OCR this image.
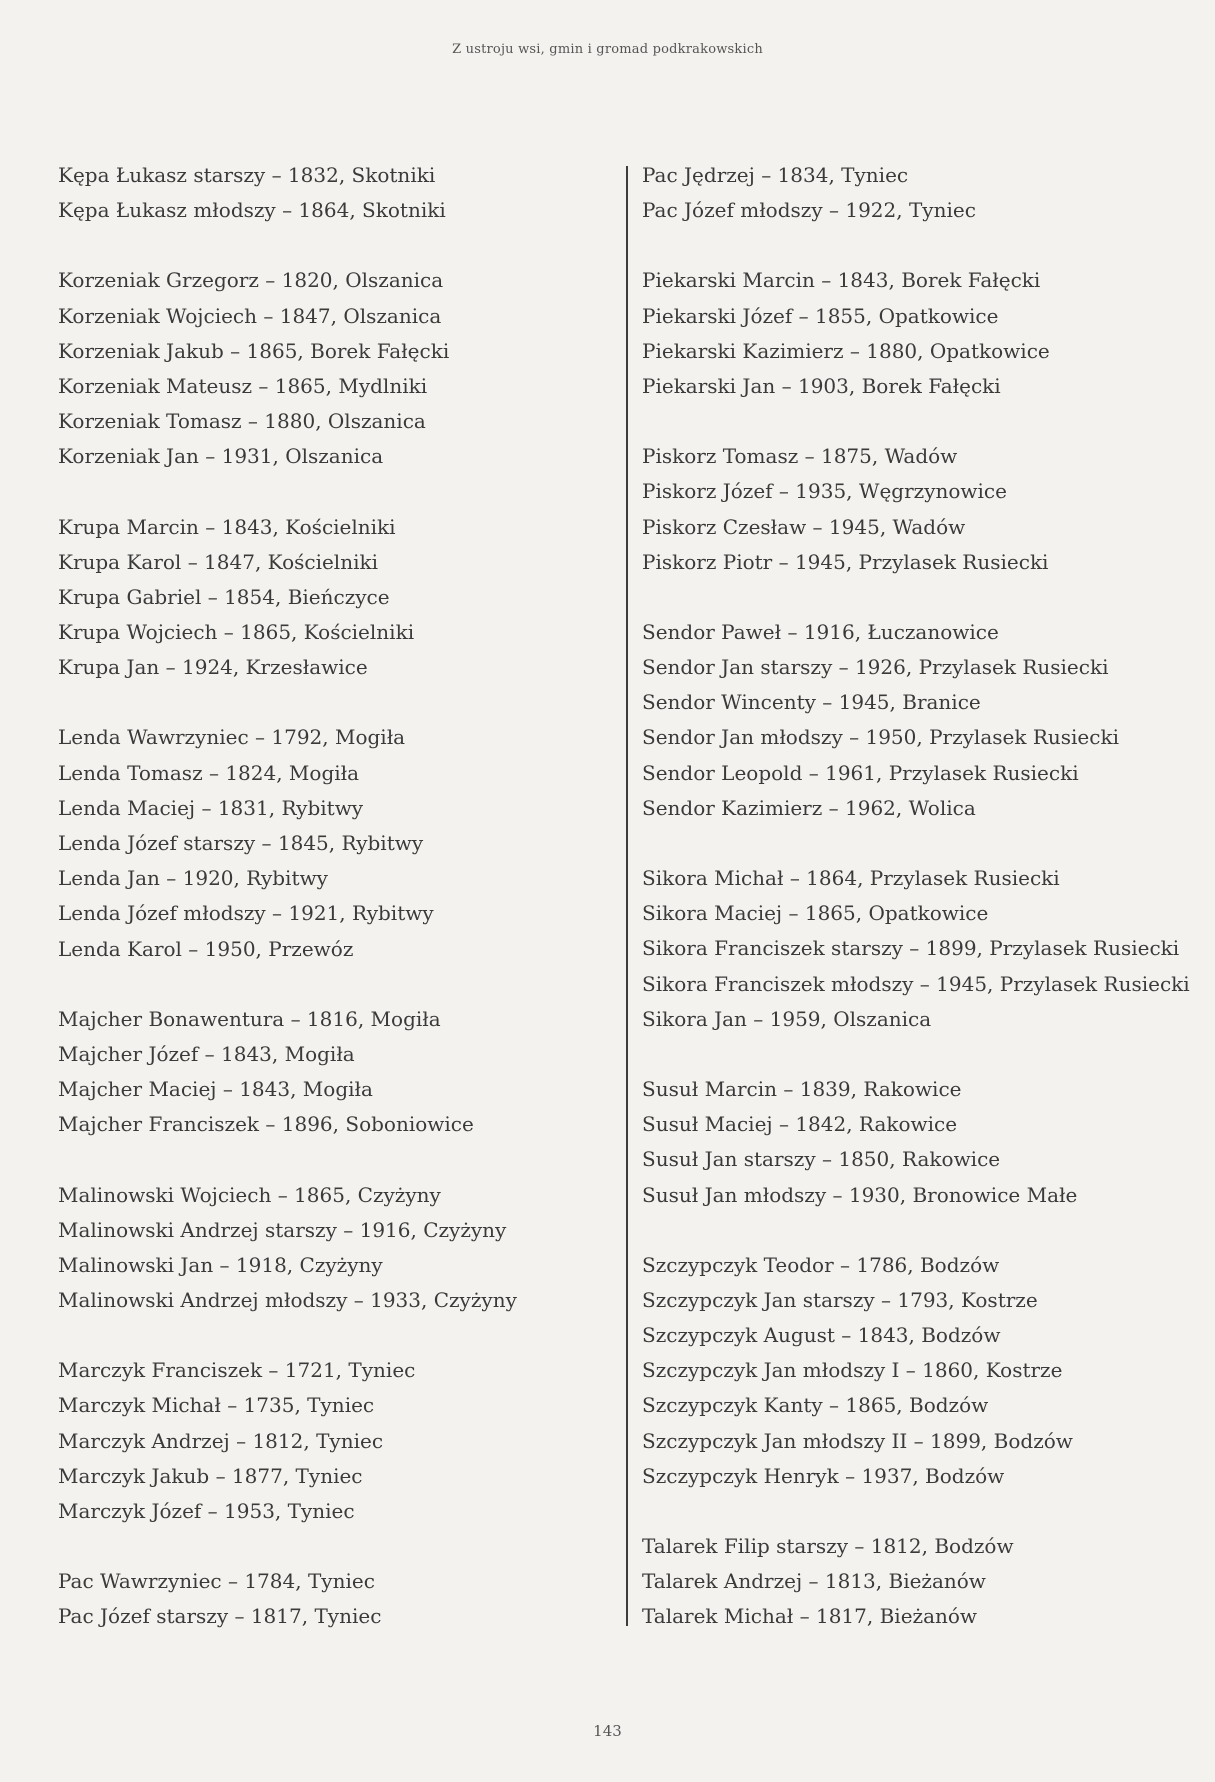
Z ustroju wsi, gmin i gromad podkrakowskich
Kępa Łukasz starszy – 1832, Skotniki
Kępa Łukasz młodszy – 1864, Skotniki
Korzeniak Grzegorz – 1820, Olszanica
Korzeniak Wojciech – 1847, Olszanica
Korzeniak Jakub – 1865, Borek Fałęcki
Korzeniak Mateusz – 1865, Mydlniki
Korzeniak Tomasz – 1880, Olszanica
Korzeniak Jan – 1931, Olszanica
Krupa Marcin – 1843, Kościelniki
Krupa Karol – 1847, Kościelniki
Krupa Gabriel – 1854, Bieńczyce
Krupa Wojciech – 1865, Kościelniki
Krupa Jan – 1924, Krzesławice
Lenda Wawrzyniec – 1792, Mogiła
Lenda Tomasz – 1824, Mogiła
Lenda Maciej – 1831, Rybitwy
Lenda Józef starszy – 1845, Rybitwy
Lenda Jan – 1920, Rybitwy
Lenda Józef młodszy – 1921, Rybitwy
Lenda Karol – 1950, Przewóz
Majcher Bonawentura – 1816, Mogiła
Majcher Józef – 1843, Mogiła
Majcher Maciej – 1843, Mogiła
Majcher Franciszek – 1896, Soboniowice
Malinowski Wojciech – 1865, Czyżyny
Malinowski Andrzej starszy – 1916, Czyżyny
Malinowski Jan – 1918, Czyżyny
Malinowski Andrzej młodszy – 1933, Czyżyny
Marczyk Franciszek – 1721, Tyniec
Marczyk Michał – 1735, Tyniec
Marczyk Andrzej – 1812, Tyniec
Marczyk Jakub – 1877, Tyniec
Marczyk Józef – 1953, Tyniec
Pac Wawrzyniec – 1784, Tyniec
Pac Józef starszy – 1817, Tyniec
Pac Jędrzej – 1834, Tyniec
Pac Józef młodszy – 1922, Tyniec
Piekarski Marcin – 1843, Borek Fałęcki
Piekarski Józef – 1855, Opatkowice
Piekarski Kazimierz – 1880, Opatkowice
Piekarski Jan – 1903, Borek Fałęcki
Piskorz Tomasz – 1875, Wadów
Piskorz Józef – 1935, Węgrzynowice
Piskorz Czesław – 1945, Wadów
Piskorz Piotr – 1945, Przylasek Rusiecki
Sendor Paweł – 1916, Łuczanowice
Sendor Jan starszy – 1926, Przylasek Rusiecki
Sendor Wincenty – 1945, Branice
Sendor Jan młodszy – 1950, Przylasek Rusiecki
Sendor Leopold – 1961, Przylasek Rusiecki
Sendor Kazimierz – 1962, Wolica
Sikora Michał – 1864, Przylasek Rusiecki
Sikora Maciej – 1865, Opatkowice
Sikora Franciszek starszy – 1899, Przylasek Rusiecki
Sikora Franciszek młodszy – 1945, Przylasek Rusiecki
Sikora Jan – 1959, Olszanica
Susuł Marcin – 1839, Rakowice
Susuł Maciej – 1842, Rakowice
Susuł Jan starszy – 1850, Rakowice
Susuł Jan młodszy – 1930, Bronowice Małe
Szczypczyk Teodor – 1786, Bodzów
Szczypczyk Jan starszy – 1793, Kostrze
Szczypczyk August – 1843, Bodzów
Szczypczyk Jan młodszy I – 1860, Kostrze
Szczypczyk Kanty – 1865, Bodzów
Szczypczyk Jan młodszy II – 1899, Bodzów
Szczypczyk Henryk – 1937, Bodzów
Talarek Filip starszy – 1812, Bodzów
Talarek Andrzej – 1813, Bieżanów
Talarek Michał – 1817, Bieżanów
143
